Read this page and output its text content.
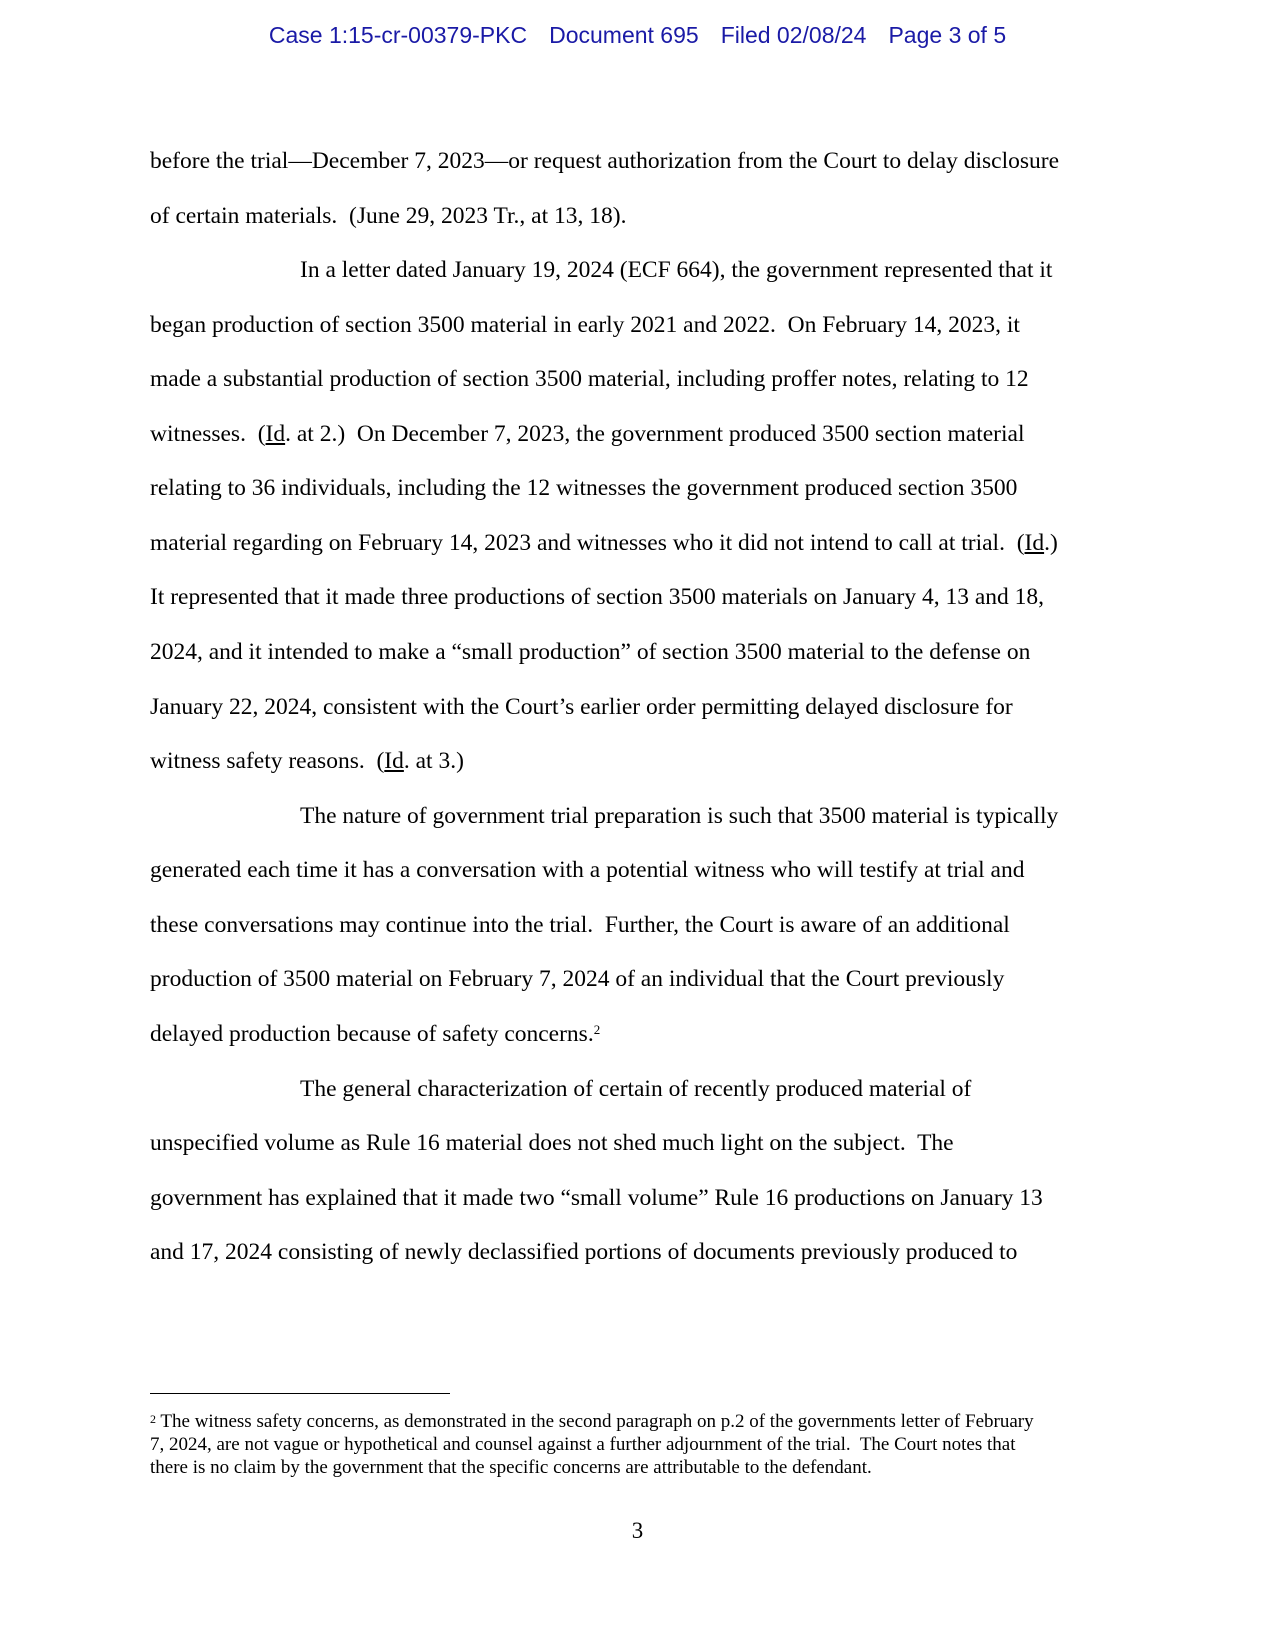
Case 1:15-cr-00379-PKC Document 695 Filed 02/08/24 Page 3 of 5
before the trial—December 7, 2023—or request authorization from the Court to delay disclosure
of certain materials.  (June 29, 2023 Tr., at 13, 18).
In a letter dated January 19, 2024 (ECF 664), the government represented that it
began production of section 3500 material in early 2021 and 2022.  On February 14, 2023, it
made a substantial production of section 3500 material, including proffer notes, relating to 12
witnesses.  (Id. at 2.)  On December 7, 2023, the government produced 3500 section material
relating to 36 individuals, including the 12 witnesses the government produced section 3500
material regarding on February 14, 2023 and witnesses who it did not intend to call at trial.  (Id.)
It represented that it made three productions of section 3500 materials on January 4, 13 and 18,
2024, and it intended to make a “small production” of section 3500 material to the defense on
January 22, 2024, consistent with the Court’s earlier order permitting delayed disclosure for
witness safety reasons.  (Id. at 3.)
The nature of government trial preparation is such that 3500 material is typically
generated each time it has a conversation with a potential witness who will testify at trial and
these conversations may continue into the trial.  Further, the Court is aware of an additional
production of 3500 material on February 7, 2024 of an individual that the Court previously
delayed production because of safety concerns.$^2$
The general characterization of certain of recently produced material of
unspecified volume as Rule 16 material does not shed much light on the subject.  The
government has explained that it made two “small volume” Rule 16 productions on January 13
and 17, 2024 consisting of newly declassified portions of documents previously produced to
$^2$ The witness safety concerns, as demonstrated in the second paragraph on p.2 of the governments letter of February
7, 2024, are not vague or hypothetical and counsel against a further adjournment of the trial.  The Court notes that
there is no claim by the government that the specific concerns are attributable to the defendant.
3
